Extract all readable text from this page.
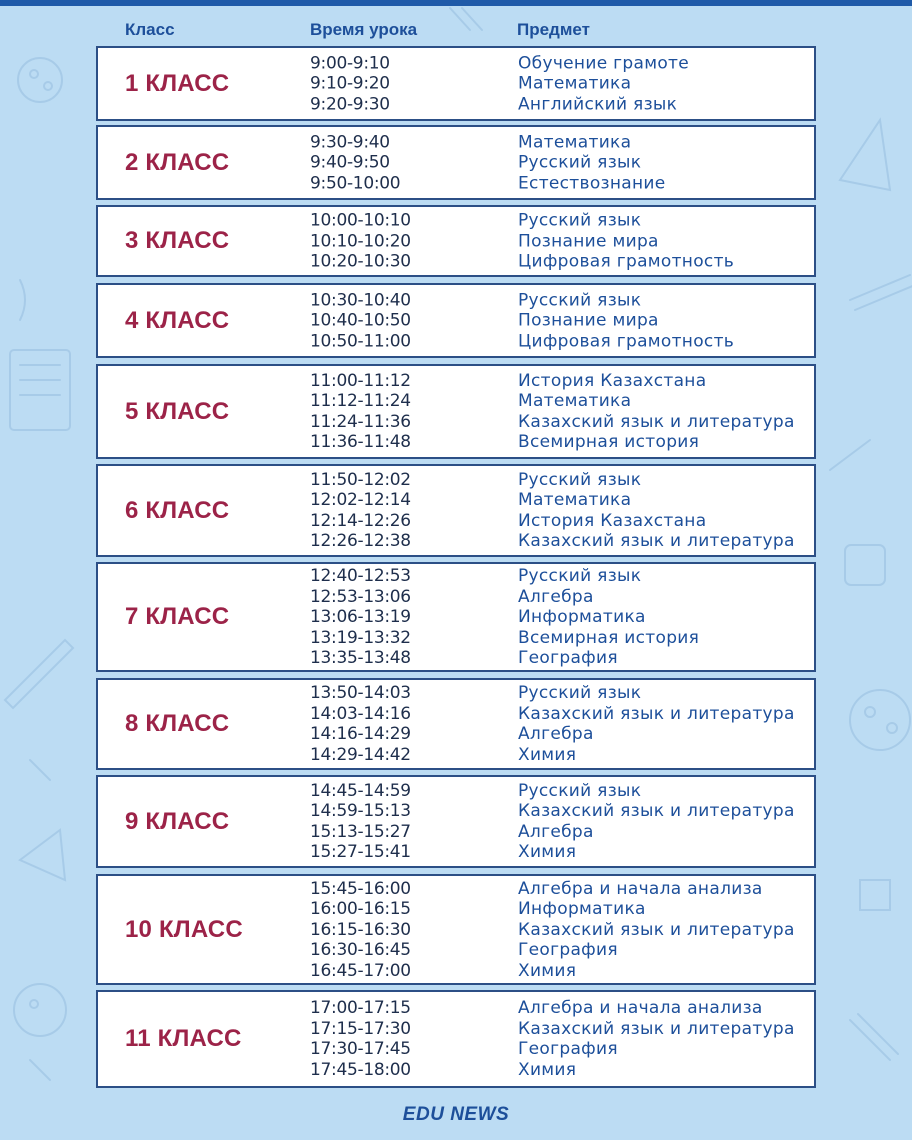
Класс	Время урока	Предмет
1 КЛАСС
9:00-9:10
9:10-9:20
9:20-9:30
Обучение грамоте
Математика
Английский язык
2 КЛАСС
9:30-9:40
9:40-9:50
9:50-10:00
Математика
Русский язык
Естествознание
3 КЛАСС
10:00-10:10
10:10-10:20
10:20-10:30
Русский язык
Познание мира
Цифровая грамотность
4 КЛАСС
10:30-10:40
10:40-10:50
10:50-11:00
Русский язык
Познание мира
Цифровая грамотность
5 КЛАСС
11:00-11:12
11:12-11:24
11:24-11:36
11:36-11:48
История Казахстана
Математика
Казахский язык и литература
Всемирная история
6 КЛАСС
11:50-12:02
12:02-12:14
12:14-12:26
12:26-12:38
Русский язык
Математика
История Казахстана
Казахский язык и литература
7 КЛАСС
12:40-12:53
12:53-13:06
13:06-13:19
13:19-13:32
13:35-13:48
Русский язык
Алгебра
Информатика
Всемирная история
География
8 КЛАСС
13:50-14:03
14:03-14:16
14:16-14:29
14:29-14:42
Русский язык
Казахский язык и литература
Алгебра
Химия
9 КЛАСС
14:45-14:59
14:59-15:13
15:13-15:27
15:27-15:41
Русский язык
Казахский язык и литература
Алгебра
Химия
10 КЛАСС
15:45-16:00
16:00-16:15
16:15-16:30
16:30-16:45
16:45-17:00
Алгебра и начала анализа
Информатика
Казахский язык и литература
География
Химия
11 КЛАСС
17:00-17:15
17:15-17:30
17:30-17:45
17:45-18:00
Алгебра и начала анализа
Казахский язык и литература
География
Химия
EDU NEWS
